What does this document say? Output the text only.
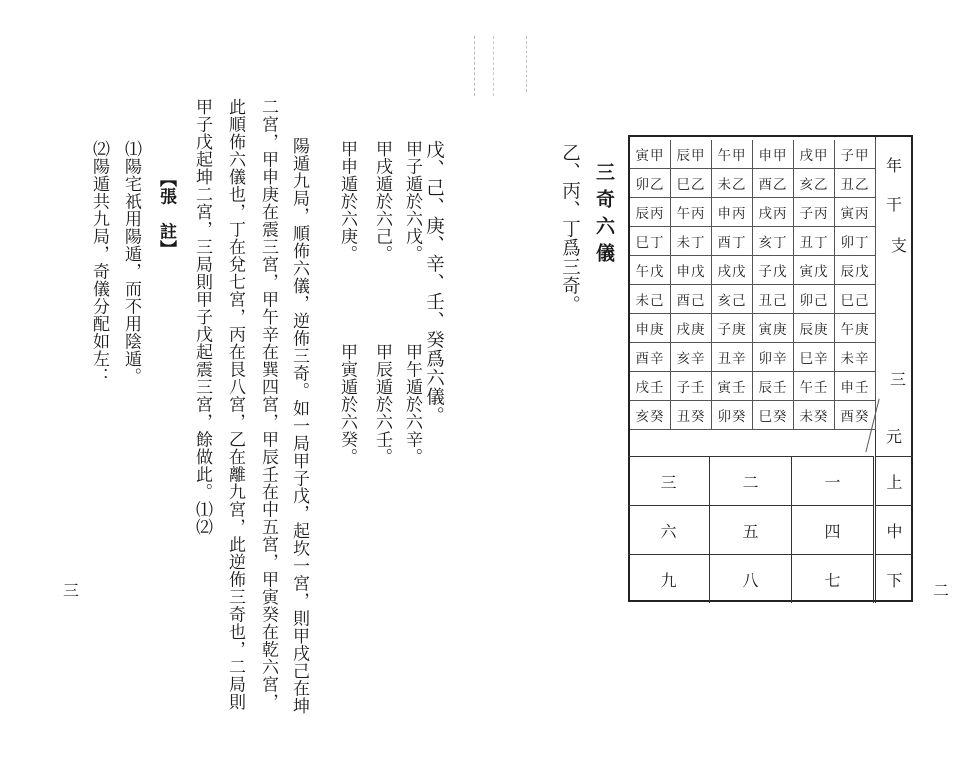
三奇六儀
乙、丙、丁爲三奇。	年
干
支
三
元
子甲
丑乙
寅丙
卯丁
辰戊
巳己
午庚
未辛
申壬
酉癸
戌甲
亥乙
子丙
丑丁
寅戊
卯己
辰庚
巳辛
午壬
未癸
申甲
酉乙
戌丙
亥丁
子戊
丑己
寅庚
卯辛
辰壬
巳癸
午甲
未乙
申丙
酉丁
戌戊
亥己
子庚
丑辛
寅壬
卯癸
辰甲
巳乙
午丙
未丁
申戊
酉己
戌庚
亥辛
子壬
丑癸
寅甲
卯乙
辰丙
巳丁
午戊
未己
申庚
酉辛
戌壬
亥癸
上
一
二
三
中
四
五
六
下
七
八
九
二
戊、己、庚、辛、壬、癸爲六儀。
甲子遁於六戊。
甲戌遁於六己。
甲申遁於六庚。
甲午遁於六辛。
甲辰遁於六壬。
甲寅遁於六癸。
陽遁九局，順佈六儀，逆佈三奇。如一局甲子戊，起坎一宮，則甲戌己在坤
二宮，甲申庚在震三宮，甲午辛在巽四宮，甲辰壬在中五宮，甲寅癸在乾六宮，
此順佈六儀也，丁在兌七宮，丙在艮八宮，乙在離九宮，此逆佈三奇也，二局則
甲子戊起坤二宮，三局則甲子戊起震三宮，餘做此。⑴⑵
【張　註】
⑴陽宅祇用陽遁，而不用陰遁。
⑵陽遁共九局，奇儀分配如左：
三
